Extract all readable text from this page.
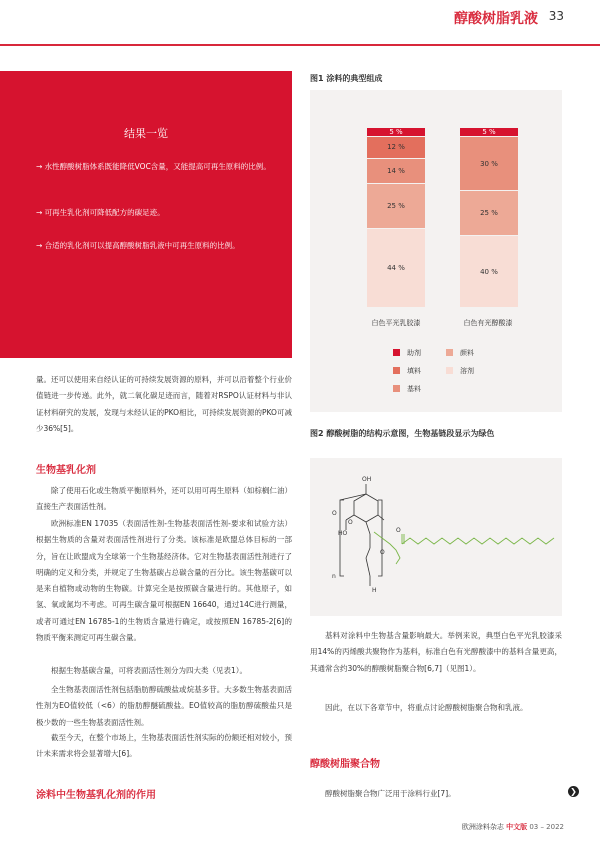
醇酸树脂乳液 33
结果一览
→ 水性醇酸树脂体系既能降低VOC含量，又能提高可再生原料的比例。
→ 可再生乳化剂可降低配方的碳足迹。
→ 合适的乳化剂可以提高醇酸树脂乳液中可再生原料的比例。
量。还可以使用来自经认证的可持续发展资源的原料，并可以沿着整个行业价值链进一步传递。此外，就二氧化碳足迹而言，随着对RSPO认证材料与非认证材料研究的发展，发现与未经认证的PKO相比，可持续发展资源的PKO可减少36%[5]。
生物基乳化剂
除了使用石化或生物质平衡原料外，还可以用可再生原料（如棕榈仁油）直接生产表面活性剂。
欧洲标准EN 17035（表面活性剂-生物基表面活性剂-要求和试验方法）根据生物质的含量对表面活性剂进行了分类。该标准是欧盟总体目标的一部分，旨在让欧盟成为全球第一个生物基经济体。它对生物基表面活性剂进行了明确的定义和分类，并规定了生物基碳占总碳含量的百分比。该生物基碳可以是来自植物或动物的生物碳。计算完全是按照碳含量进行的。其他原子，如氢、氧或氮均不考虑。可再生碳含量可根据EN 16640，通过14C进行测量，或者可通过EN 16785-1的生物质含量进行确定，或按照EN 16785-2[6]的物质平衡来测定可再生碳含量。
根据生物基碳含量，可将表面活性剂分为四大类（见表1）。
全生物基表面活性剂包括脂肪醇硫酸盐或烷基多苷。大多数生物基表面活性剂为EO值较低（<6）的脂肪醇醚硫酸盐。EO值较高的脂肪醇硫酸盐只是极少数的一些生物基表面活性剂。
截至今天，在整个市场上，生物基表面活性剂实际的份额还相对较小，预计未来需求将会显著增大[6]。
涂料中生物基乳化剂的作用
图1 涂料的典型组成
44 %
25 %
14 %
12 %
5 %
40 %
25 %
30 %
5 %
白色平光乳胶漆	白色有光醇酸漆
助剂	颜料
填料	溶剂
基料
图2 醇酸树脂的结构示意图，生物基链段显示为绿色
OH
O
O
HO	O
O
H
n
基料对涂料中生物基含量影响最大。举例来说，典型白色平光乳胶漆采用14%的丙烯酸共聚物作为基料，标准白色有光醇酸漆中的基料含量更高，其通常含约30%的醇酸树脂聚合物[6,7]（见图1）。
因此，在以下各章节中，将重点讨论醇酸树脂聚合物和乳液。
醇酸树脂聚合物
醇酸树脂聚合物广泛用于涂料行业[7]。	❯
欧洲涂料杂志 中文版 03 – 2022
